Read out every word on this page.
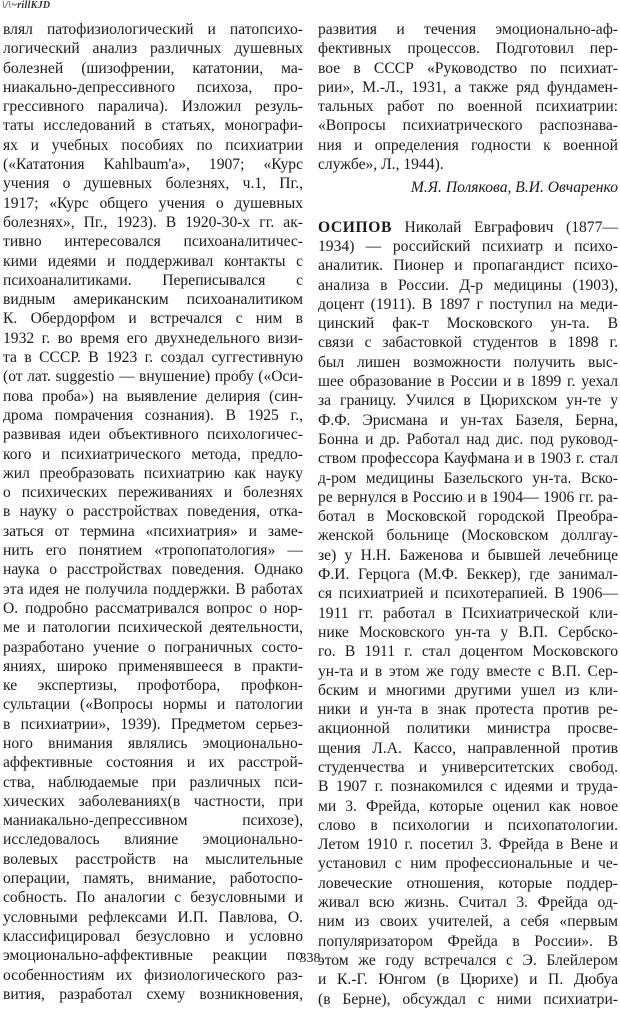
\/\~rillKJD
влял патофизиологический и патопсихо-
логический анализ различных душевных
болезней (шизофрении, кататонии, ма-
ниакально-депрессивного психоза, про-
грессивного паралича). Изложил резуль-
таты исследований в статьях, монографи-
ях и учебных пособиях по психиатрии
(«Кататония Kahlbaum'a», 1907; «Курс
учения о душевных болезнях, ч.1, Пг.,
1917; «Курс общего учения о душевных
болезнях», Пг., 1923). В 1920-30-х гг. ак-
тивно интересовался психоаналитичес-
кими идеями и поддерживал контакты с
психоаналитиками. Переписывался с
видным американским психоаналитиком
К. Обердорфом и встречался с ним в
1932 г. во время его двухнедельного визи-
та в СССР. В 1923 г. создал суггестивную
(от лат. suggestio — внушение) пробу («Оси-
пова проба») на выявление делирия (син-
дрома помрачения сознания). В 1925 г.,
развивая идеи объективного психологичес-
кого и психиатрического метода, предло-
жил преобразовать психиатрию как науку
о психических переживаниях и болезнях
в науку о расстройствах поведения, отка-
заться от термина «психиатрия» и заме-
нить его понятием «тропопатология» —
наука о расстройствах поведения. Однако
эта идея не получила поддержки. В работах
О. подробно рассматривался вопрос о нор-
ме и патологии психической деятельности,
разработано учение о пограничных состо-
яниях, широко применявшееся в практи-
ке экспертизы, профотбора, профкон-
сультации («Вопросы нормы и патологии
в психиатрии», 1939). Предметом серьез-
ного внимания являлись эмоционально-
аффективные состояния и их расстрой-
ства, наблюдаемые при различных пси-
хических заболеваниях(в частности, при
маниакально-депрессивном психозе),
исследовалось влияние эмоционально-
волевых расстройств на мыслительные
операции, память, внимание, работоспо-
собность. По аналогии с безусловными и
условными рефлексами И.П. Павлова, О.
классифицировал безусловно и условно
эмоционально-аффективные реакции по
особенностиям их физиологического раз-
вития, разработал схему возникновения,
развития и течения эмоционально-аф-
фективных процессов. Подготовил пер-
вое в СССР «Руководство по психиат-
рии», М.-Л., 1931, а также ряд фундамен-
тальных работ по военной психиатрии:
«Вопросы психиатрического распознава-
ния и определения годности к военной
службе», Л., 1944).
М.Я. Полякова, В.И. Овчаренко
ОСИПОВ Николай Евграфович (1877—
1934) — российский психиатр и психо-
аналитик. Пионер и пропагандист психо-
анализа в России. Д-р медицины (1903),
доцент (1911). В 1897 г поступил на меди-
цинский фак-т Московского ун-та. В
связи с забастовкой студентов в 1898 г.
был лишен возможности получить выс-
шее образование в России и в 1899 г. уехал
за границу. Учился в Цюрихском ун-те у
Ф.Ф. Эрисмана и ун-тах Базеля, Берна,
Бонна и др. Работал над дис. под руковод-
ством профессора Кауфмана и в 1903 г. стал
д-ром медицины Базельского ун-та. Вско-
ре вернулся в Россию и в 1904— 1906 гг. ра-
ботал в Московской городской Преобра-
женской больнице (Московском доллгау-
зе) у Н.Н. Баженова и бывшей лечебнице
Ф.И. Герцога (М.Ф. Беккер), где занимал-
ся психиатрией и психотерапией. В 1906—
1911 гг. работал в Психиатрической кли-
нике Московского ун-та у В.П. Сербско-
го. В 1911 г. стал доцентом Московского
ун-та и в этом же году вместе с В.П. Сер-
бским и многими другими ушел из кли-
ники и ун-та в знак протеста против ре-
акционной политики министра просве-
щения Л.А. Кассо, направленной против
студенчества и университетских свобод.
В 1907 г. познакомился с идеями и труда-
ми 3. Фрейда, которые оценил как новое
слово в психологии и психопатологии.
Летом 1910 г. посетил 3. Фрейда в Вене и
установил с ним профессиональные и че-
ловеческие отношения, которые поддер-
живал всю жизнь. Считал 3. Фрейда од-
ним из своих учителей, а себя «первым
популяризатором Фрейда в России». В
этом же году встречался с Э. Блейлером
и К.-Г. Юнгом (в Цюрихе) и П. Дюбуа
(в Берне), обсуждал с ними психиатри-
338
